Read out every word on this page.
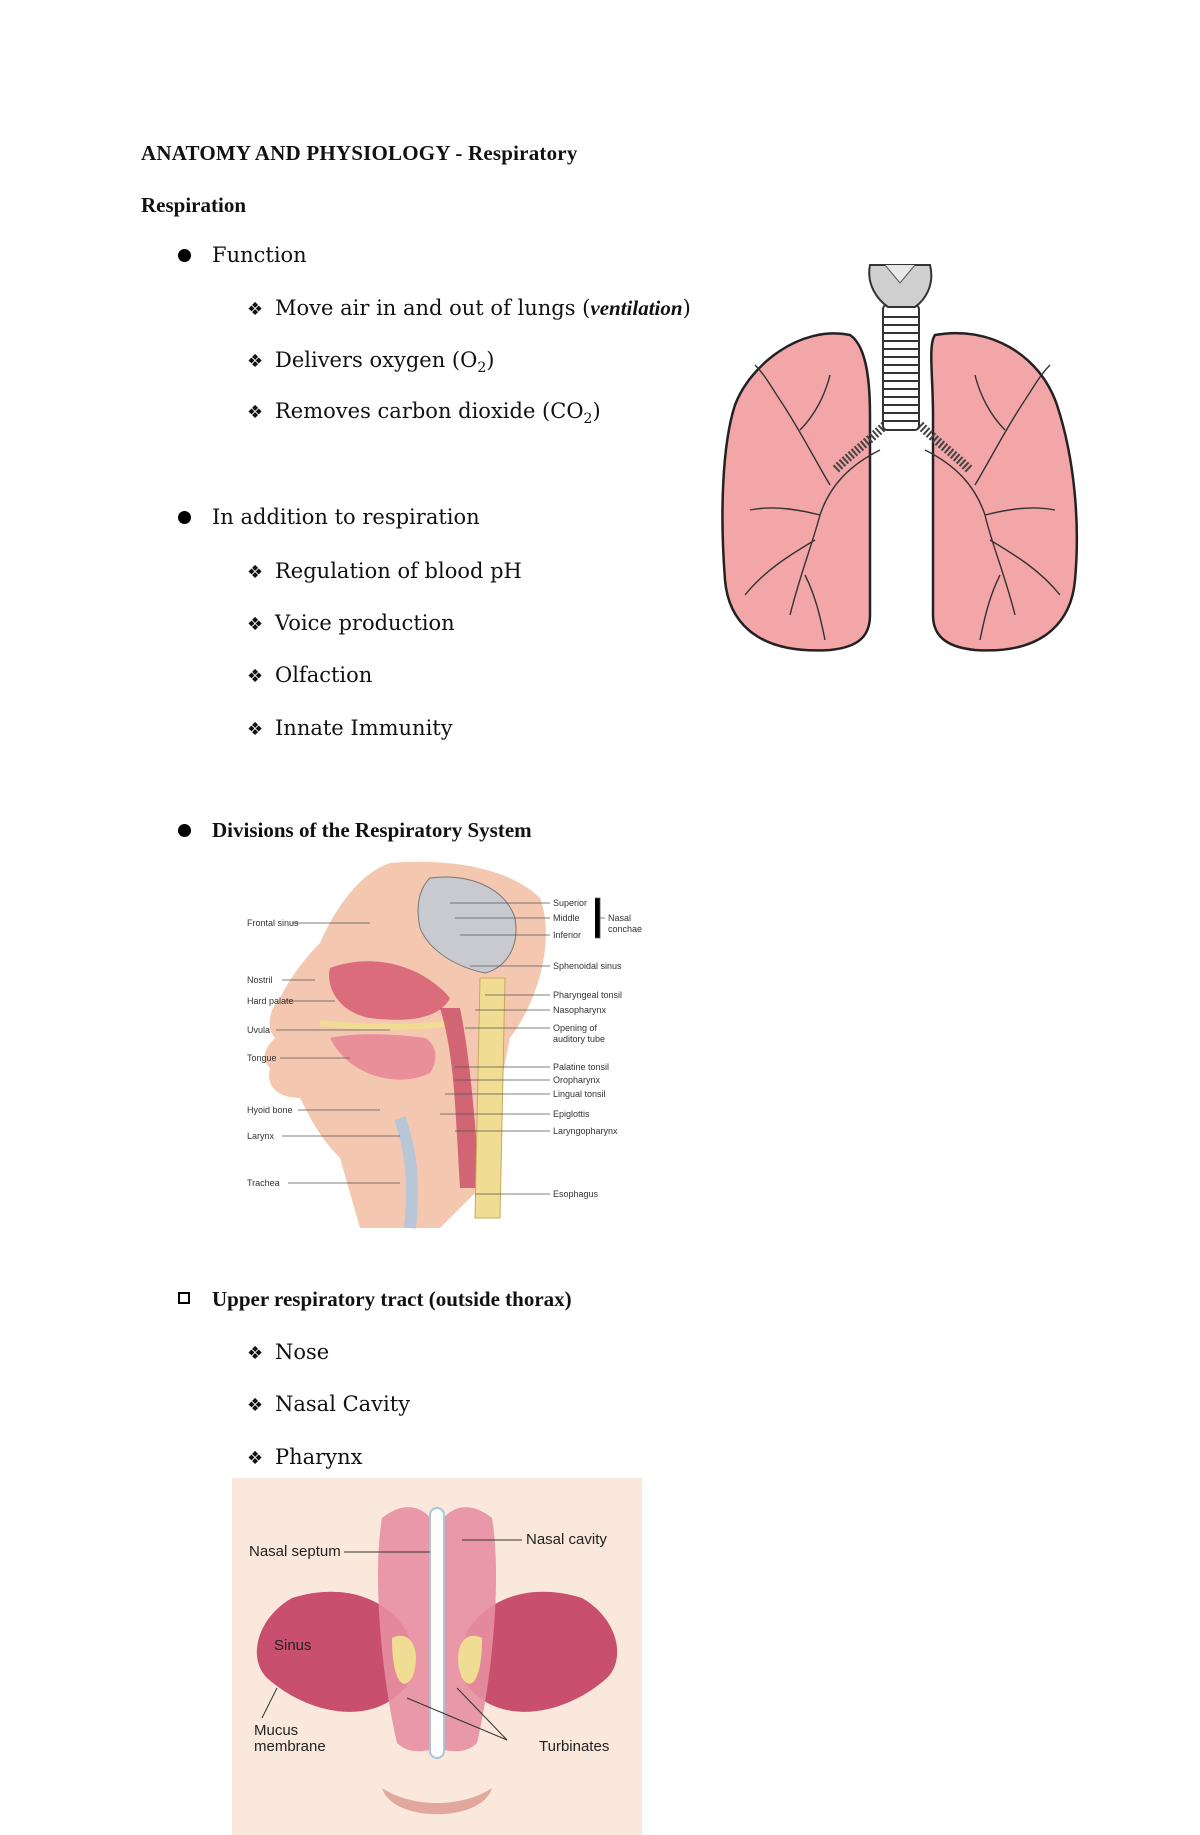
ANATOMY AND PHYSIOLOGY - Respiratory
Respiration
Function
❖ Move air in and out of lungs (ventilation)
❖ Delivers oxygen $(O_2)$
❖ Removes carbon dioxide $(CO_2)$
In addition to respiration
❖ Regulation of blood pH
❖ Voice production
❖ Olfaction
❖ Innate Immunity
Divisions of the Respiratory System
Upper respiratory tract (outside thorax)
❖ Nose
❖ Nasal Cavity
❖ Pharynx
Frontal sinus
Nostril
Hard palate
Uvula
Tongue
Hyoid bone
Larynx
Trachea
Superior
Middle
Inferior
Nasal
conchae
Sphenoidal sinus
Pharyngeal tonsil
Nasopharynx
Opening of
auditory tube
Palatine tonsil
Oropharynx
Lingual tonsil
Epiglottis
Laryngopharynx
Esophagus
Nasal septum
Nasal cavity
Sinus
Mucus
membrane	Turbinates
